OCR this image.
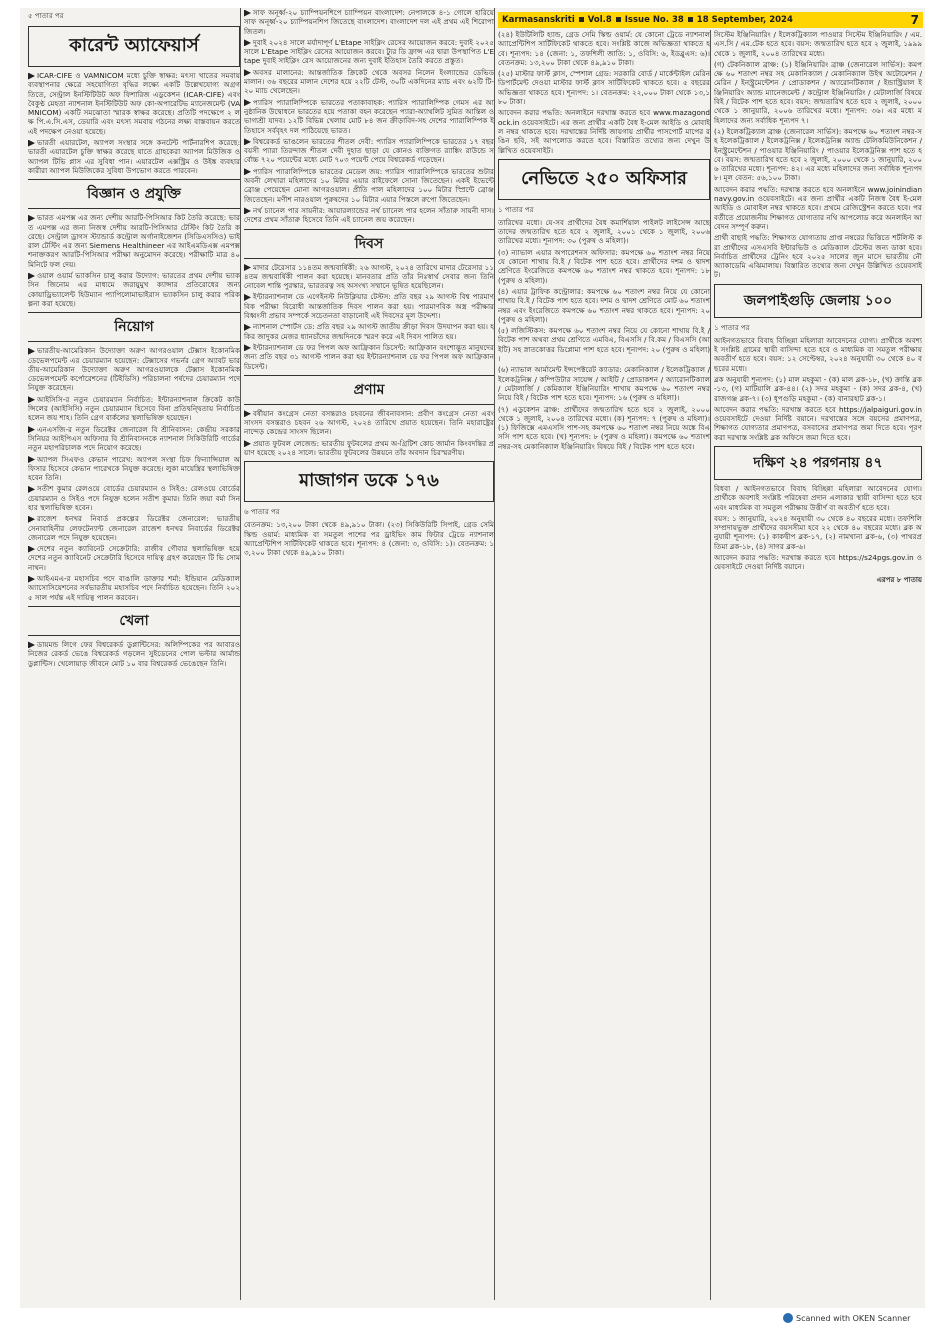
৫ পাতার পর
কারেন্ট অ্যাফেয়ার্স

ICAR-CIFE ও VAMNICOM মধ্যে চুক্তি স্বাক্ষর: মৎস্য খাতের সমবায় ব্যবস্থাপনার ক্ষেত্রে সহযোগিতা বৃদ্ধির লক্ষ্যে একটি উল্লেখযোগ্য অগ্রগতিতে, সেন্ট্রাল ইনস্টিটিউট অফ ফিশারিজ এডুকেশন (ICAR-CIFE) এবং বৈকুণ্ঠ মেহতা ন্যাশনাল ইনস্টিটিউট অফ কো-অপারেটিভ ম্যানেজমেন্ট (VAMNICOM) একটি সমঝোতা স্মারক স্বাক্ষর করেছে। প্রতিটি পদক্ষেপে ২ লক্ষ পি.এ.সি.এস, ডেয়ারি এবং মৎস্য সমবায় গঠনের লক্ষ্য বাস্তবায়ন করতে এই পদক্ষেপ নেওয়া হয়েছে।

ভারতী এয়ারটেল, অ্যাপল সংস্থার সঙ্গে কনটেন্ট পার্টনারশিপ করেছে: ভারতী এয়ারটেল চুক্তি স্বাক্ষর করেছে যাতে গ্রাহকেরা অ্যাপল মিউজিক ও অ্যাপল টিভি প্লাস এর সুবিধা পান। এয়ারটেল এক্সস্ট্রিম ও উইঙ্ক ব্যবহারকারীরা অ্যাপল মিউজিকের সুবিধা উপভোগ করতে পারবেন।

বিজ্ঞান ও প্রযুক্তি

ভারত এমপক্স এর জন্য দেশীয় আরটি-পিসিআর কিট তৈরি করেছে: ভারত এমপক্স এর জন্য নিজস্ব দেশীয় আরটি-পিসিআর টেস্টিং কিট তৈরি করেছে। সেন্ট্রাল ড্রাগস স্ট্যান্ডার্ড কন্ট্রোল অর্গানাইজেশন (সিডিএসসিও) ভাইরাল টেস্টিং এর জন্য Siemens Healthineer এর আইএমডিএক্স এমপক্স শনাক্তকরণ আরটি-পিসিআর পরীক্ষা অনুমোদন করেছে। পরীক্ষাটি মাত্র ৪০ মিনিটে ফল দেয়।

ওয়াল ওয়ার্ম ভ্যাকসিন চালু করার উদ্যোগ: ভারতের প্রথম দেশীয় ভ্যাকসিন জিনোম এর মাধ্যমে জরায়ুমুখ ক্যান্সার প্রতিরোধের জন্য কোয়াড্রিভ্যালেন্ট হিউম্যান প্যাপিলোমাভাইরাস ভ্যাকসিন চালু করার পরিকল্পনা করা হয়েছে।

নিয়োগ

ভারতীয়-আমেরিকান উদ্যোক্তা অরুণ আগরওয়াল টেক্সাস ইকোনমিক ডেভেলপমেন্ট এর চেয়ারম্যান হয়েছেন: টেক্সাসের গভর্নর গ্রেগ অ্যাবট ভারতীয়-আমেরিকান উদ্যোক্তা অরুণ আগরওয়ালকে টেক্সাস ইকোনমিক ডেভেলপমেন্ট কর্পোরেশনের (টিইডিসি) পরিচালনা পর্ষদের চেয়ারম্যান পদে নিযুক্ত করেছেন।

আইসিসি-র নতুন চেয়ারম্যান নির্বাচিত: ইন্টারন্যাশনাল ক্রিকেট কাউন্সিলের (আইসিসি) নতুন চেয়ারম্যান হিসেবে বিনা প্রতিদ্বন্দ্বিতায় নির্বাচিত হলেন জয় শাহ। তিনি গ্রেগ বার্কলের স্থলাভিষিক্ত হয়েছেন।

এনএসজি-র নতুন ডিরেক্টর জেনারেল বি শ্রীনিবাসন: কেন্দ্রীয় সরকার সিনিয়র আইপিএস অফিসার বি শ্রীনিবাসনকে ন্যাশনাল সিকিউরিটি গার্ডের নতুন মহাপরিচালক পদে নিয়োগ করেছে।

অ্যাপল সিএফও কেভান পারেখ: অ্যাপল সংস্থা চিফ ফিন্যান্সিয়াল অফিসার হিসেবে কেভান পারেখকে নিযুক্ত করেছে। লুকা মায়েস্ত্রির স্থলাভিষিক্ত হবেন তিনি।

সতীশ কুমার রেলওয়ে বোর্ডের চেয়ারম্যান ও সিইও: রেলওয়ে বোর্ডের চেয়ারম্যান ও সিইও পদে নিযুক্ত হলেন সতীশ কুমার। তিনি জয়া বর্মা সিনহার স্থলাভিষিক্ত হবেন।

রাজেশ ধনখর নিবার্ড প্রকল্পের ডিরেক্টর জেনারেল: ভারতীয় সেনাবাহিনীর লেফটেন্যান্ট জেনারেল রাজেশ ধনখর নিবার্ডের ডিরেক্টর জেনারেল পদে নিযুক্ত হয়েছেন।

দেশের নতুন ক্যাবিনেট সেক্রেটারি: রাজীব গৌবার স্থলাভিষিক্ত হয়ে দেশের নতুন ক্যাবিনেট সেক্রেটারি হিসেবে দায়িত্ব গ্রহণ করেছেন টি ভি সোমনাথন।

আইএমএ-র মহাসচিব পদে বাঙালি ডাক্তার শর্মা: ইন্ডিয়ান মেডিক্যাল অ্যাসোসিয়েশনের সর্বভারতীয় মহাসচিব পদে নির্বাচিত হয়েছেন। তিনি ২০২৫ সাল পর্যন্ত এই দায়িত্ব পালন করবেন।

খেলা

ডায়মন্ড লিগে ফের বিশ্বরেকর্ড ডুপ্লান্টিসের: অলিম্পিকের পর আবারও নিজের রেকর্ড ভেঙে বিশ্বরেকর্ড গড়লেন সুইডেনের পোল ভল্টার আর্মান্ড ডুপ্লান্টিস। খেলোয়াড় জীবনে মোট ১০ বার বিশ্বরেকর্ড ভেঙেছেন তিনি।

সাফ অনূর্ধ্ব-২০ চ্যাম্পিয়নশিপে চ্যাম্পিয়ন বাংলাদেশ: নেপালকে ৪-১ গোলে হারিয়ে সাফ অনূর্ধ্ব-২০ চ্যাম্পিয়নশিপ জিতেছে বাংলাদেশ। বাংলাদেশ দল এই প্রথম এই শিরোপা জিতল।

দুবাই ২০২৪ সালে মর্যাদাপূর্ণ L'Etape সাইক্লিং রেসের আয়োজন করবে: দুবাই ২০২৫ সালে L'Etape সাইক্লিং রেসের আয়োজন করবে। ট্যুর ডি ফ্রান্স এর দ্বারা উপস্থাপিত L'Etape দুবাই সাইক্লিং রেস আয়োজনের জন্য দুবাই ইতিহাস তৈরি করতে প্রস্তুত।

অবসর মালানের: আন্তর্জাতিক ক্রিকেট থেকে অবসর নিলেন ইংল্যান্ডের ডেভিড মালান। ৩৬ বছরের মালান দেশের হয়ে ২২টি টেস্ট, ৩০টি একদিনের ম্যাচ এবং ৬২টি টি-২০ ম্যাচ খেলেছেন।

প্যারিস প্যারালিম্পিকে ভারতের পতাকাবাহক: প্যারিস প্যারালিম্পিক গেমস এর আনুষ্ঠানিক উদ্বোধনে ভারতের হয়ে পতাকা বহন করেছেন প্যারা-অ্যাথলিট সুমিত আন্তিল ও ভাগ্যশ্রী যাদব। ১২টি বিভিন্ন খেলায় মোট ৮৪ জন ক্রীড়াবিদ-সহ দেশের প্যারালিম্পিক ইতিহাসে সর্ববৃহৎ দল পাঠিয়েছে ভারত।

বিশ্বরেকর্ড ভাঙলেন ভারতের শীতল দেবী: প্যারিস প্যারালিম্পিকে ভারতের ১৭ বছর বয়সী প্যারা তিরন্দাজ শীতল দেবী দুহাত ছাড়া যে কোনও ব্যক্তিগত র‍্যাঙ্কিং রাউন্ডে সর্বোচ্চ ৭২০ পয়েন্টের মধ্যে মোট ৭০৩ পয়েন্ট পেয়ে বিশ্বরেকর্ড গড়েছেন।

প্যারিস প্যারালিম্পিকে ভারতের মেডেল জয়: প্যারিস প্যারালিম্পিকে ভারতের শুটার অবনী লেখারা মহিলাদের ১০ মিটার এয়ার রাইফেলে সোনা জিতেছেন। একই ইভেন্টে ব্রোঞ্জ পেয়েছেন মোনা আগরওয়াল। প্রীতি পাল মহিলাদের ১০০ মিটার স্প্রিন্টে ব্রোঞ্জ জিতেছেন। মণীশ নারওয়াল পুরুষদের ১০ মিটার এয়ার পিস্তলে রুপো জিতেছেন।

নৰ্থ চ্যানেল পার সায়নীর: আয়ারল্যান্ডের নর্থ চ্যানেল পার হলেন সাঁতারু সায়নী দাস। দেশের প্রথম সাঁতারু হিসেবে তিনি এই চ্যানেল জয় করেছেন।

দিবস

মাদার টেরেসার ১১৪তম জন্মবার্ষিকী: ২৬ আগস্ট, ২০২৪ তারিখে মাদার টেরেসার ১১৪তম জন্মবার্ষিকী পালন করা হয়েছে। মানবতার প্রতি তাঁর নিঃস্বার্থ সেবার জন্য তিনি নোবেল শান্তি পুরস্কার, ভারতরত্ন সহ অসংখ্য সম্মানে ভূষিত হয়েছিলেন।

ইন্টারন্যাশনাল ডে এগেইনস্ট নিউক্লিয়ার টেস্টস: প্রতি বছর ২৯ আগস্ট বিশ্ব পারমাণবিক পরীক্ষা বিরোধী আন্তর্জাতিক দিবস পালন করা হয়। পারমাণবিক অস্ত্র পরীক্ষার বিধ্বংসী প্রভাব সম্পর্কে সচেতনতা বাড়ানোই এই দিবসের মূল উদ্দেশ্য।

ন্যাশনাল স্পোর্টস ডে: প্রতি বছর ২৯ আগস্ট জাতীয় ক্রীড়া দিবস উদযাপন করা হয়। হকির জাদুকর মেজর ধ্যানচাঁদের জন্মদিনকে স্মরণ করে এই দিবস পালিত হয়।

ইন্টারন্যাশনাল ডে ফর পিপল অফ আফ্রিকান ডিসেন্ট: আফ্রিকান বংশোদ্ভূত মানুষদের জন্য প্রতি বছর ৩১ আগস্ট পালন করা হয় ইন্টারন্যাশনাল ডে ফর পিপল অফ আফ্রিকান ডিসেন্ট।

প্রণাম

বর্ষীয়ান কংগ্রেস নেতা বসন্তরাও চহবনের জীবনাবসান: প্রবীণ কংগ্রেস নেতা এবং সাংসদ বসন্তরাও চহবন ২৬ আগস্ট, ২০২৪ তারিখে প্রয়াত হয়েছেন। তিনি মহারাষ্ট্রের নান্দেড় কেন্দ্রের সাংসদ ছিলেন।

প্রয়াত ফুটবল লেজেন্ড: ভারতীয় ফুটবলের প্রথম অ-গ্রিটিশ কোচ জার্মান কিংবদন্তির প্রয়াণ হয়েছে ২০২৪ সালে। ভারতীয় ফুটবলের উন্নয়নে তাঁর অবদান চিরস্মরণীয়।

মাজাগন ডকে ১৭৬
৬ পাতার পর

বেতনক্রম: ১৩,২০০ টাকা থেকে ৪৯,৯১০ টাকা। (২৩) সিকিউরিটি সিপাই, গ্রেড সেমি স্কিল্ড ওয়ার্ম: মাধ্যমিক বা সমতুল পাশের পর ড্রাইভিং কাম ফিটার ট্রেডে ন্যাশনাল অ্যাপ্রেন্টিশিপ সার্টিফিকেট থাকতে হবে। শূন্যপদ: ৪ (জেনা: ৩, ওবিসি: ১)। বেতনক্রম: ১৩,২০০ টাকা থেকে ৪৯,৯১০ টাকা।

Karmasanskriti Vol.8 Issue No. 38 18 September, 2024	7

(২৪) ইউটিলিটি হ্যান্ড, গ্রেড সেমি স্কিল্ড ওয়ার্ম: যে কোনো ট্রেডে ন্যাশনাল অ্যাপ্রেন্টিশিপ সার্টিফিকেট থাকতে হবে। সংশ্লিষ্ট কাজে অভিজ্ঞতা থাকতে হবে। শূন্যপদ: ১৪ (জেনা: ১, তফশিলী জাতি: ১, ওবিসি: ৬, ইডব্লুএস: ৬)। বেতনক্রম: ১৩,২০০ টাকা থেকে ৪৯,৯১০ টাকা।

(২৫) মাস্টার ফার্স্ট ক্লাস, স্পেশাল গ্রেড: সরকারি বোর্ড / মার্কেন্টাইল মেরিন ডিপার্টমেন্ট দেওয়া মাস্টার ফার্স্ট ক্লাস সার্টিফিকেট থাকতে হবে। ৫ বছরের অভিজ্ঞতা থাকতে হবে। শূন্যপদ: ১। বেতনক্রম: ২২,০০০ টাকা থেকে ১৩,১৮০ টাকা।

আবেদন করার পদ্ধতি: অনলাইনে দরখাস্ত করতে হবে www.mazagondock.in ওয়েবসাইটে। এর জন্য প্রার্থীর একটি বৈধ ই-মেল আইডি ও মোবাইল নম্বর থাকতে হবে। দরখাস্তের নির্দিষ্ট জায়গায় প্রার্থীর পাসপোর্ট মাপের রঙিন ছবি, সই আপলোড করতে হবে। বিস্তারিত তথ্যের জন্য দেখুন উল্লিখিত ওয়েবসাইট।

নেভিতে ২৫০ অফিসার
১ পাতার পর

তারিখের মধ্যে। যে-সব প্রার্থীদের বৈধ কমার্শিয়াল পাইলট লাইসেন্স আছে তাদের জন্মতারিখ হতে হবে ২ জুলাই, ২০০১ থেকে ১ জুলাই, ২০০৬ তারিখের মধ্যে। শূন্যপদ: ৩০ (পুরুষ ও মহিলা)।

(৩) ন্যাভাল এয়ার অপারেশনস অফিসার: কমপক্ষে ৬০ শতাংশ নম্বর নিয়ে যে কোনো শাখায় বি.ই / বিটেক পাশ হতে হবে। প্রার্থীদের দশম ও দ্বাদশ শ্রেণিতে ইংরেজিতে কমপক্ষে ৬০ শতাংশ নম্বর থাকতে হবে। শূন্যপদ: ১৮ (পুরুষ ও মহিলা)।

(৪) এয়ার ট্রাফিক কন্ট্রোলার: কমপক্ষে ৬০ শতাংশ নম্বর নিয়ে যে কোনো শাখায় বি.ই / বিটেক পাশ হতে হবে। দশম ও দ্বাদশ শ্রেণিতে মোট ৬০ শতাংশ নম্বর এবং ইংরেজিতে কমপক্ষে ৬০ শতাংশ নম্বর থাকতে হবে। শূন্যপদ: ২০ (পুরুষ ও মহিলা)।

(৫) লজিস্টিকস: কমপক্ষে ৬০ শতাংশ নম্বর নিয়ে যে কোনো শাখায় বি.ই / বিটেক পাশ অথবা প্রথম শ্রেণিতে এমবিএ, বিএসসি / বি.কম / বিএসসি (আইটি) সহ স্নাতকোত্তর ডিপ্লোমা পাশ হতে হবে। শূন্যপদ: ২০ (পুরুষ ও মহিলা)।

(৬) ন্যাভাল আর্মামেন্ট ইন্সপেক্টরেট ক্যাডার: মেকানিক্যাল / ইলেকট্রিক্যাল / ইলেকট্রনিক্স / কম্পিউটার সায়েন্স / আইটি / প্রোডাকশন / অ্যারোনটিক্যাল / মেটালার্জি / কেমিক্যাল ইঞ্জিনিয়ারিং শাখায় কমপক্ষে ৬০ শতাংশ নম্বর নিয়ে বিই / বিটেক পাশ হতে হবে। শূন্যপদ: ১৬ (পুরুষ ও মহিলা)।

(৭) এডুকেশন ব্রাঞ্চ: প্রার্থীদের জন্মতারিখ হতে হবে ২ জুলাই, ২০০০ থেকে ১ জুলাই, ২০০৪ তারিখের মধ্যে। (ক) শূন্যপদ: ৭ (পুরুষ ও মহিলা)। (১) ফিজিক্সে এমএসসি পাশ-সহ কমপক্ষে ৬০ শতাংশ নম্বর নিয়ে অঙ্কে বিএসসি পাশ হতে হবে। (খ) শূন্যপদ: ৮ (পুরুষ ও মহিলা)। কমপক্ষে ৬০ শতাংশ নম্বর-সহ মেকানিক্যাল ইঞ্জিনিয়ারিং বিষয়ে বিই / বিটেক পাশ হতে হবে।

সিস্টেম ইঞ্জিনিয়ারিং / ইলেকট্রিক্যাল পাওয়ার সিস্টেম ইঞ্জিনিয়ারিং / এম.এস.সি / এম.টেক হতে হবে। বয়স: জন্মতারিখ হতে হবে ২ জুলাই, ১৯৯৯ থেকে ১ জুলাই, ২০০৪ তারিখের মধ্যে।

(গ) টেকনিক্যাল ব্রাঞ্চ: (১) ইঞ্জিনিয়ারিং ব্রাঞ্চ (জেনারেল সার্ভিস): কমপক্ষে ৬০ শতাংশ নম্বর সহ মেকানিক্যাল / মেকানিক্যাল উইথ অটোমেশন / মেরিন / ইনস্ট্রুমেন্টেশন / প্রোডাকশন / অ্যারোনটিক্যাল / ইন্ডাস্ট্রিয়াল ইঞ্জিনিয়ারিং অ্যান্ড ম্যানেজমেন্ট / কন্ট্রোল ইঞ্জিনিয়ারিং / মেটালার্জি বিষয়ে বিই / বিটেক পাশ হতে হবে। বয়স: জন্মতারিখ হতে হবে ২ জুলাই, ২০০০ থেকে ১ জানুয়ারি, ২০০৬ তারিখের মধ্যে। শূন্যপদ: ৩৬। এর মধ্যে মহিলাদের জন্য সর্বাধিক শূন্যপদ ৭।

(২) ইলেকট্রিক্যাল ব্রাঞ্চ (জেনারেল সার্ভিস): কমপক্ষে ৬০ শতাংশ নম্বর-সহ ইলেকট্রিক্যাল / ইলেকট্রনিক্স / ইলেকট্রনিক্স অ্যান্ড টেলিকমিউনিকেশন / ইনস্ট্রুমেন্টেশন / পাওয়ার ইঞ্জিনিয়ারিং / পাওয়ার ইলেকট্রনিক্স পাশ হতে হবে। বয়স: জন্মতারিখ হতে হবে ২ জুলাই, ২০০০ থেকে ১ জানুয়ারি, ২০০৬ তারিখের মধ্যে। শূন্যপদ: ৪২। এর মধ্যে মহিলাদের জন্য সর্বাধিক শূন্যপদ ৮। মূল বেতন: ৫৬,১০০ টাকা।

আবেদন করার পদ্ধতি: দরখাস্ত করতে হবে অনলাইনে www.joinindiannavy.gov.in ওয়েবসাইটে। এর জন্য প্রার্থীর একটি নিজস্ব বৈধ ই-মেল আইডি ও মোবাইল নম্বর থাকতে হবে। প্রথমে রেজিস্ট্রেশন করতে হবে। পরবর্তীতে প্রয়োজনীয় শিক্ষাগত যোগ্যতার নথি আপলোড করে অনলাইন আবেদন সম্পূর্ণ করুন।

প্রার্থী বাছাই পদ্ধতি: শিক্ষাগত যোগ্যতায় প্রাপ্ত নম্বরের ভিত্তিতে শর্টলিস্ট করা প্রার্থীদের এসএসবি ইন্টারভিউ ও মেডিক্যাল টেস্টের জন্য ডাকা হবে। নির্বাচিত প্রার্থীদের ট্রেনিং হবে ২০২৫ সালের জুন মাসে ভারতীয় নৌ অ্যাকাডেমি এঝিমালায়। বিস্তারিত তথ্যের জন্য দেখুন উল্লিখিত ওয়েবসাইট।

জলপাইগুড়ি জেলায় ১০০
১ পাতার পর

আইনগতভাবে বিবাহ বিচ্ছিন্না মহিলারা আবেদনের যোগ্য। প্রার্থীকে অবশ্যই সংশ্লিষ্ট গ্রামের স্থায়ী বাসিন্দা হতে হবে ও মাধ্যমিক বা সমতুল পরীক্ষায় অবতীর্ণ হতে হবে। বয়স: ১২ সেপ্টেম্বর, ২০২৪ অনুযায়ী ৩০ থেকে ৪০ বছরের মধ্যে।

ব্লক অনুযায়ী শূন্যপদ: (১) মাল মহকুমা - (ক) মাল ব্লক-১৮, (খ) ক্রান্তি ব্লক-১৩, (গ) মাটিয়ালি ব্লক-৪৪। (২) সদর মহকুমা - (ক) সদর ব্লক-৪, (খ) রাজগঞ্জ ব্লক-৭। (৩) ধূপগুড়ি মহকুমা - (ক) বানারহাট ব্লক-১।

আবেদন করার পদ্ধতি: দরখাস্ত করতে হবে https://jalpaiguri.gov.in ওয়েবসাইটে দেওয়া নির্দিষ্ট বয়ানে। দরখাস্তের সঙ্গে বয়সের প্রমাণপত্র, শিক্ষাগত যোগ্যতার প্রমাণপত্র, বসবাসের প্রমাণপত্র জমা দিতে হবে। পূরণ করা দরখাস্ত সংশ্লিষ্ট ব্লক অফিসে জমা দিতে হবে।

দক্ষিণ ২৪ পরগনায় ৪৭

বিধবা / আইনগতভাবে বিবাহ বিচ্ছিন্না মহিলারা আবেদনের যোগ্য। প্রার্থীকে অবশ্যই সংশ্লিষ্ট পরিষেবা প্রদান এলাকার স্থায়ী বাসিন্দা হতে হবে এবং মাধ্যমিক বা সমতুল পরীক্ষায় উত্তীর্ণ বা অবতীর্ণ হতে হবে।

বয়স: ১ জানুয়ারি, ২০২৪ অনুযায়ী ৩০ থেকে ৪০ বছরের মধ্যে। তফশিলি সম্প্রদায়ভুক্ত প্রার্থীদের বয়সসীমা হবে ২২ থেকে ৪০ বছরের মধ্যে। ব্লক অনুযায়ী শূন্যপদ: (১) কাকদ্বীপ ব্লক-১৭, (২) নামখানা ব্লক-৬, (৩) পাথরপ্রতিমা ব্লক-১৮, (৪) সাগর ব্লক-৬।

আবেদন করার পদ্ধতি: দরখাস্ত করতে হবে https://s24pgs.gov.in ওয়েবসাইটে দেওয়া নির্দিষ্ট বয়ানে।

এরপর ৮ পাতায়
Scanned with OKEN Scanner
